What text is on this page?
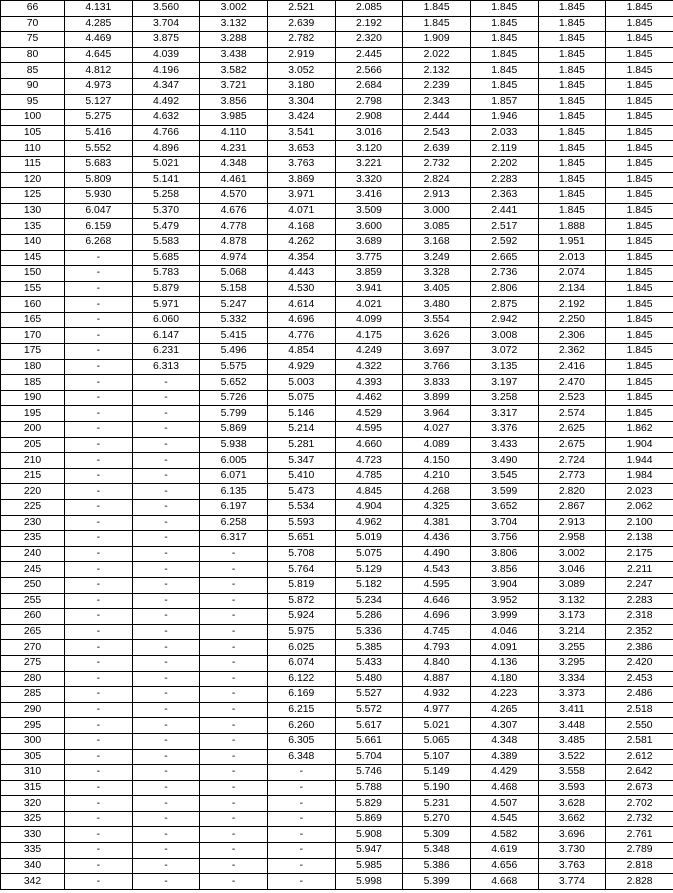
66	4.131	3.560	3.002	2.521	2.085	1.845	1.845	1.845	1.845
70	4.285	3.704	3.132	2.639	2.192	1.845	1.845	1.845	1.845
75	4.469	3.875	3.288	2.782	2.320	1.909	1.845	1.845	1.845
80	4.645	4.039	3.438	2.919	2.445	2.022	1.845	1.845	1.845
85	4.812	4.196	3.582	3.052	2.566	2.132	1.845	1.845	1.845
90	4.973	4.347	3.721	3.180	2.684	2.239	1.845	1.845	1.845
95	5.127	4.492	3.856	3.304	2.798	2.343	1.857	1.845	1.845
100	5.275	4.632	3.985	3.424	2.908	2.444	1.946	1.845	1.845
105	5.416	4.766	4.110	3.541	3.016	2.543	2.033	1.845	1.845
110	5.552	4.896	4.231	3.653	3.120	2.639	2.119	1.845	1.845
115	5.683	5.021	4.348	3.763	3.221	2.732	2.202	1.845	1.845
120	5.809	5.141	4.461	3.869	3.320	2.824	2.283	1.845	1.845
125	5.930	5.258	4.570	3.971	3.416	2.913	2.363	1.845	1.845
130	6.047	5.370	4.676	4.071	3.509	3.000	2.441	1.845	1.845
135	6.159	5.479	4.778	4.168	3.600	3.085	2.517	1.888	1.845
140	6.268	5.583	4.878	4.262	3.689	3.168	2.592	1.951	1.845
145	-	5.685	4.974	4.354	3.775	3.249	2.665	2.013	1.845
150	-	5.783	5.068	4.443	3.859	3.328	2.736	2.074	1.845
155	-	5.879	5.158	4.530	3.941	3.405	2.806	2.134	1.845
160	-	5.971	5.247	4.614	4.021	3.480	2.875	2.192	1.845
165	-	6.060	5.332	4.696	4.099	3.554	2.942	2.250	1.845
170	-	6.147	5.415	4.776	4.175	3.626	3.008	2.306	1.845
175	-	6.231	5.496	4.854	4.249	3.697	3.072	2.362	1.845
180	-	6.313	5.575	4.929	4.322	3.766	3.135	2.416	1.845
185	-	-	5.652	5.003	4.393	3.833	3.197	2.470	1.845
190	-	-	5.726	5.075	4.462	3.899	3.258	2.523	1.845
195	-	-	5.799	5.146	4.529	3.964	3.317	2.574	1.845
200	-	-	5.869	5.214	4.595	4.027	3.376	2.625	1.862
205	-	-	5.938	5.281	4.660	4.089	3.433	2.675	1.904
210	-	-	6.005	5.347	4.723	4.150	3.490	2.724	1.944
215	-	-	6.071	5.410	4.785	4.210	3.545	2.773	1.984
220	-	-	6.135	5.473	4.845	4.268	3.599	2.820	2.023
225	-	-	6.197	5.534	4.904	4.325	3.652	2.867	2.062
230	-	-	6.258	5.593	4.962	4.381	3.704	2.913	2.100
235	-	-	6.317	5.651	5.019	4.436	3.756	2.958	2.138
240	-	-	-	5.708	5.075	4.490	3.806	3.002	2.175
245	-	-	-	5.764	5.129	4.543	3.856	3.046	2.211
250	-	-	-	5.819	5.182	4.595	3.904	3.089	2.247
255	-	-	-	5.872	5.234	4.646	3.952	3.132	2.283
260	-	-	-	5.924	5.286	4.696	3.999	3.173	2.318
265	-	-	-	5.975	5.336	4.745	4.046	3.214	2.352
270	-	-	-	6.025	5.385	4.793	4.091	3.255	2.386
275	-	-	-	6.074	5.433	4.840	4.136	3.295	2.420
280	-	-	-	6.122	5.480	4.887	4.180	3.334	2.453
285	-	-	-	6.169	5.527	4.932	4.223	3.373	2.486
290	-	-	-	6.215	5.572	4.977	4.265	3.411	2.518
295	-	-	-	6.260	5.617	5.021	4.307	3.448	2.550
300	-	-	-	6.305	5.661	5.065	4.348	3.485	2.581
305	-	-	-	6.348	5.704	5.107	4.389	3.522	2.612
310	-	-	-	-	5.746	5.149	4.429	3.558	2.642
315	-	-	-	-	5.788	5.190	4.468	3.593	2.673
320	-	-	-	-	5.829	5.231	4.507	3.628	2.702
325	-	-	-	-	5.869	5.270	4.545	3.662	2.732
330	-	-	-	-	5.908	5.309	4.582	3.696	2.761
335	-	-	-	-	5.947	5.348	4.619	3.730	2.789
340	-	-	-	-	5.985	5.386	4.656	3.763	2.818
342	-	-	-	-	5.998	5.399	4.668	3.774	2.828
